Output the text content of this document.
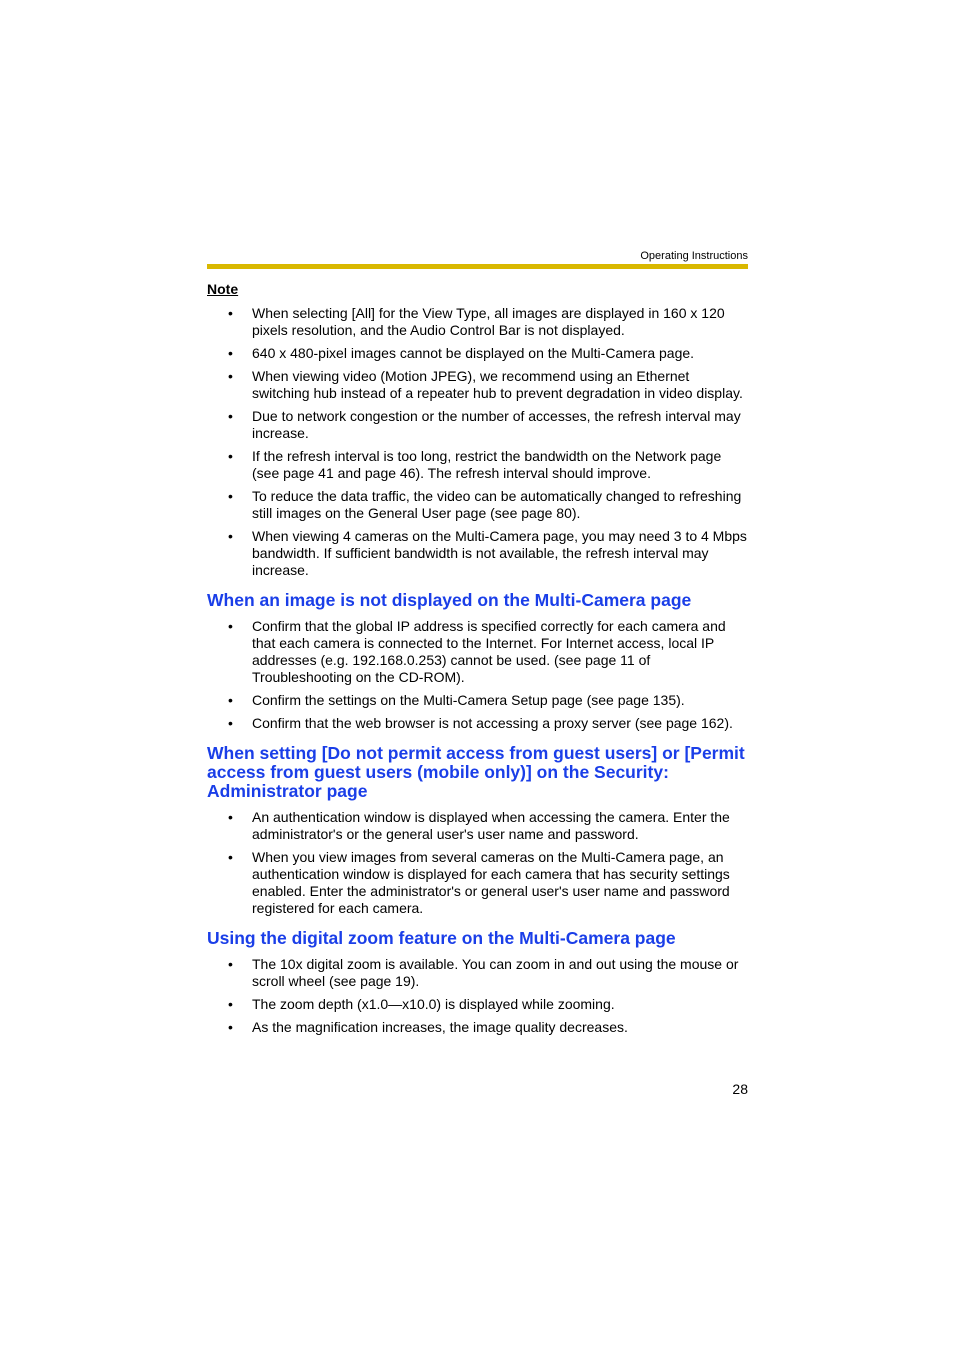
Operating Instructions
Note
• When selecting [All] for the View Type, all images are displayed in 160 x 120 pixels resolution, and the Audio Control Bar is not displayed.
• 640 x 480-pixel images cannot be displayed on the Multi-Camera page.
• When viewing video (Motion JPEG), we recommend using an Ethernet switching hub instead of a repeater hub to prevent degradation in video display.
• Due to network congestion or the number of accesses, the refresh interval may increase.
• If the refresh interval is too long, restrict the bandwidth on the Network page (see page 41 and page 46). The refresh interval should improve.
• To reduce the data traffic, the video can be automatically changed to refreshing still images on the General User page (see page 80).
• When viewing 4 cameras on the Multi-Camera page, you may need 3 to 4 Mbps bandwidth. If sufficient bandwidth is not available, the refresh interval may increase.
When an image is not displayed on the Multi-Camera page
• Confirm that the global IP address is specified correctly for each camera and that each camera is connected to the Internet. For Internet access, local IP addresses (e.g. 192.168.0.253) cannot be used. (see page 11 of Troubleshooting on the CD-ROM).
• Confirm the settings on the Multi-Camera Setup page (see page 135).
• Confirm that the web browser is not accessing a proxy server (see page 162).
When setting [Do not permit access from guest users] or [Permit access from guest users (mobile only)] on the Security: Administrator page
• An authentication window is displayed when accessing the camera. Enter the administrator's or the general user's user name and password.
• When you view images from several cameras on the Multi-Camera page, an authentication window is displayed for each camera that has security settings enabled. Enter the administrator's or general user's user name and password registered for each camera.
Using the digital zoom feature on the Multi-Camera page
• The 10x digital zoom is available. You can zoom in and out using the mouse or scroll wheel (see page 19).
• The zoom depth (x1.0—x10.0) is displayed while zooming.
• As the magnification increases, the image quality decreases.
28
